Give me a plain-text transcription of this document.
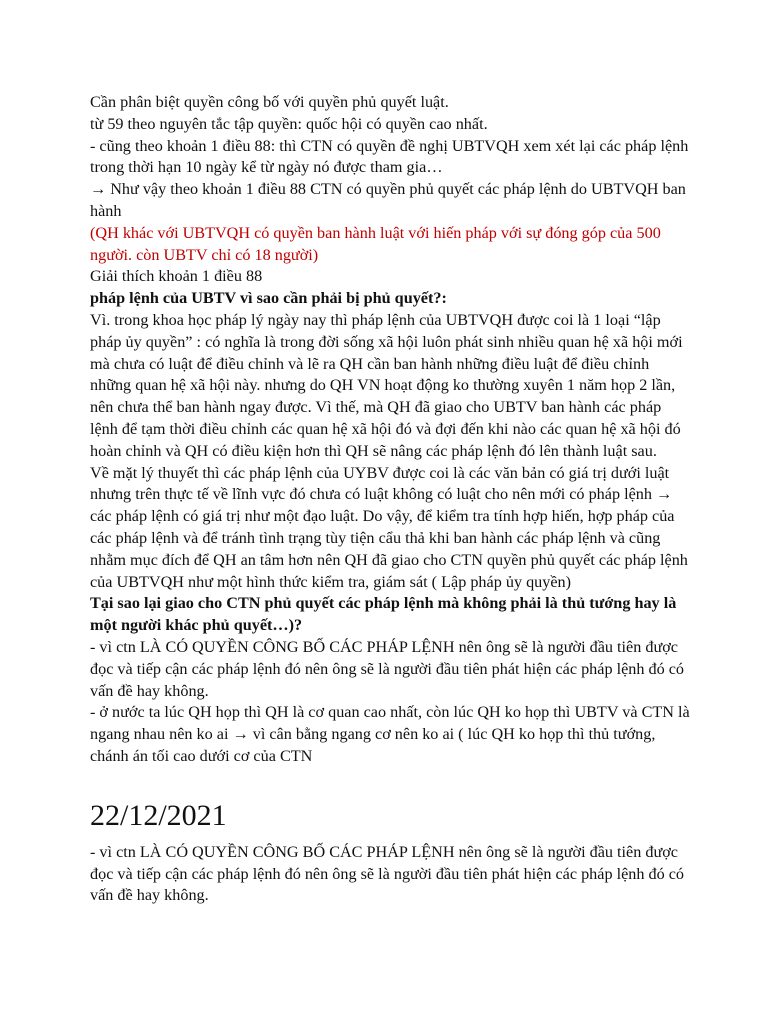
Cần phân biệt quyền công bố với quyền phủ quyết luật.
từ 59 theo nguyên tắc tập quyền: quốc hội có quyền cao nhất.
- cũng theo khoản 1 điều 88: thì CTN có quyền đề nghị UBTVQH xem xét lại các pháp lệnh trong thời hạn 10 ngày kể từ ngày nó được tham gia…
→ Như vậy theo khoản 1 điều 88 CTN có quyền phủ quyết các pháp lệnh do UBTVQH ban hành
(QH khác với UBTVQH có quyền ban hành luật với hiến pháp với sự đóng góp của 500 người. còn UBTV chỉ có 18 người)
Giải thích khoản 1 điều 88
pháp lệnh của UBTV vì sao cần phải bị phủ quyết?:
Vì. trong khoa học pháp lý ngày nay thì pháp lệnh của UBTVQH được coi là 1 loại “lập pháp ủy quyền” : có nghĩa là trong đời sống xã hội luôn phát sinh nhiều quan hệ xã hội mới mà chưa có luật để điều chỉnh và lẽ ra QH cần ban hành những điều luật để điều chỉnh những quan hệ xã hội này. nhưng do QH VN hoạt động ko thường xuyên 1 năm họp 2 lần, nên chưa thể ban hành ngay được. Vì thế, mà QH đã giao cho UBTV ban hành các pháp lệnh để tạm thời điều chỉnh các quan hệ xã hội đó và đợi đến khi nào các quan hệ xã hội đó hoàn chỉnh và QH có điều kiện hơn thì QH sẽ nâng các pháp lệnh đó lên thành luật sau.
Về mặt lý thuyết thì các pháp lệnh của UYBV được coi là các văn bản có giá trị dưới luật nhưng trên thực tế về lĩnh vực đó chưa có luật không có luật cho nên mới có pháp lệnh → các pháp lệnh có giá trị như một đạo luật. Do vậy, để kiểm tra tính hợp hiến, hợp pháp của các pháp lệnh và để tránh tình trạng tùy tiện cẩu thả khi ban hành các pháp lệnh và cũng nhằm mục đích để QH an tâm hơn nên QH đã giao cho CTN quyền phủ quyết các pháp lệnh của UBTVQH như một hình thức kiểm tra, giám sát ( Lập pháp ủy quyền)
Tại sao lại giao cho CTN phủ quyết các pháp lệnh mà không phải là thủ tướng hay là một người khác phủ quyết…)?
- vì ctn LÀ CÓ QUYỀN CÔNG BỐ CÁC PHÁP LỆNH nên ông sẽ là người đầu tiên được đọc và tiếp cận các pháp lệnh đó nên ông sẽ là người đầu tiên phát hiện các pháp lệnh đó có vấn đề hay không.
- ở nước ta lúc QH họp thì QH là cơ quan cao nhất, còn lúc QH ko họp thì UBTV và CTN là ngang nhau nên ko ai → vì cân bằng ngang cơ nên ko ai ( lúc QH ko họp thì thủ tướng, chánh án tối cao dưới cơ của CTN
22/12/2021
- vì ctn LÀ CÓ QUYỀN CÔNG BỐ CÁC PHÁP LỆNH nên ông sẽ là người đầu tiên được đọc và tiếp cận các pháp lệnh đó nên ông sẽ là người đầu tiên phát hiện các pháp lệnh đó có vấn đề hay không.
